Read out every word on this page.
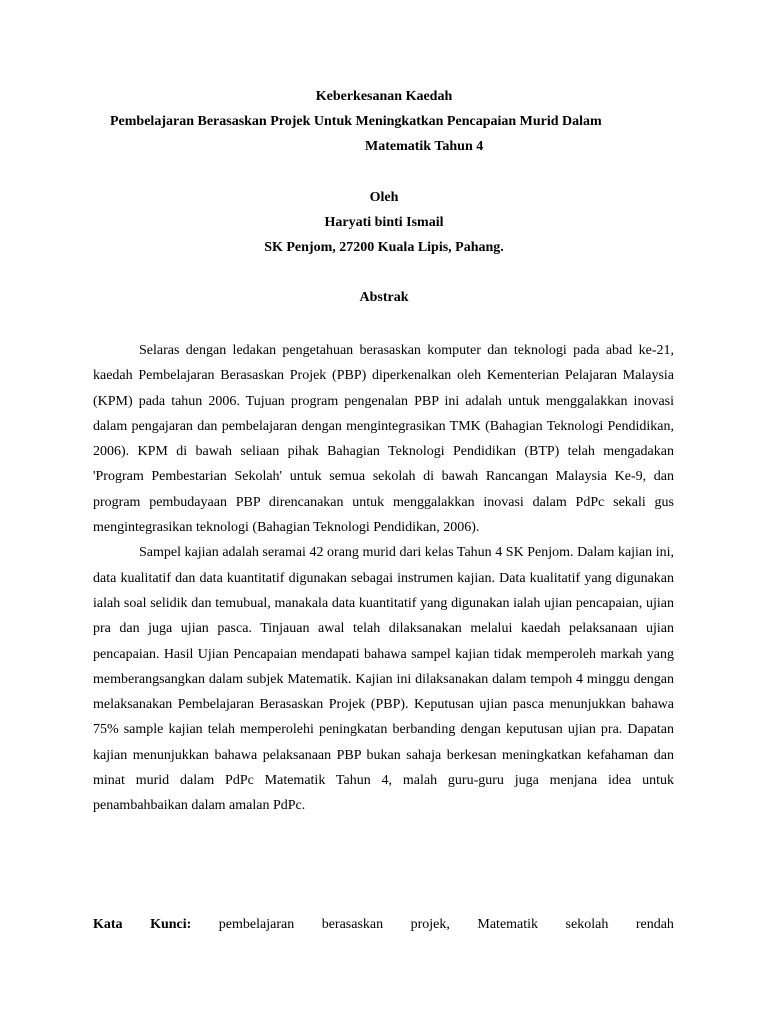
Keberkesanan Kaedah
Pembelajaran Berasaskan Projek Untuk Meningkatkan Pencapaian Murid Dalam
Matematik Tahun 4
Oleh
Haryati binti Ismail
SK Penjom, 27200 Kuala Lipis, Pahang.
Abstrak

Selaras dengan ledakan pengetahuan berasaskan komputer dan teknologi pada abad ke-21, kaedah Pembelajaran Berasaskan Projek (PBP) diperkenalkan oleh Kementerian Pelajaran Malaysia (KPM) pada tahun 2006. Tujuan program pengenalan PBP ini adalah untuk menggalakkan inovasi dalam pengajaran dan pembelajaran dengan mengintegrasikan TMK (Bahagian Teknologi Pendidikan, 2006). KPM di bawah seliaan pihak Bahagian Teknologi Pendidikan (BTP) telah mengadakan 'Program Pembestarian Sekolah' untuk semua sekolah di bawah Rancangan Malaysia Ke-9, dan program pembudayaan PBP direncanakan untuk menggalakkan inovasi dalam PdPc sekali gus mengintegrasikan teknologi (Bahagian Teknologi Pendidikan, 2006).

Sampel kajian adalah seramai 42 orang murid dari kelas Tahun 4 SK Penjom. Dalam kajian ini, data kualitatif dan data kuantitatif digunakan sebagai instrumen kajian. Data kualitatif yang digunakan ialah soal selidik dan temubual, manakala data kuantitatif yang digunakan ialah ujian pencapaian, ujian pra dan juga ujian pasca. Tinjauan awal telah dilaksanakan melalui kaedah pelaksanaan ujian pencapaian. Hasil Ujian Pencapaian mendapati bahawa sampel kajian tidak memperoleh markah yang memberangsangkan dalam subjek Matematik. Kajian ini dilaksanakan dalam tempoh 4 minggu dengan melaksanakan Pembelajaran Berasaskan Projek (PBP). Keputusan ujian pasca menunjukkan bahawa 75% sample kajian telah memperolehi peningkatan berbanding dengan keputusan ujian pra. Dapatan kajian menunjukkan bahawa pelaksanaan PBP bukan sahaja berkesan meningkatkan kefahaman dan minat murid dalam PdPc Matematik Tahun 4, malah guru-guru juga menjana idea untuk penambahbaikan dalam amalan PdPc.

Kata Kunci: pembelajaran berasaskan projek, Matematik sekolah rendah
